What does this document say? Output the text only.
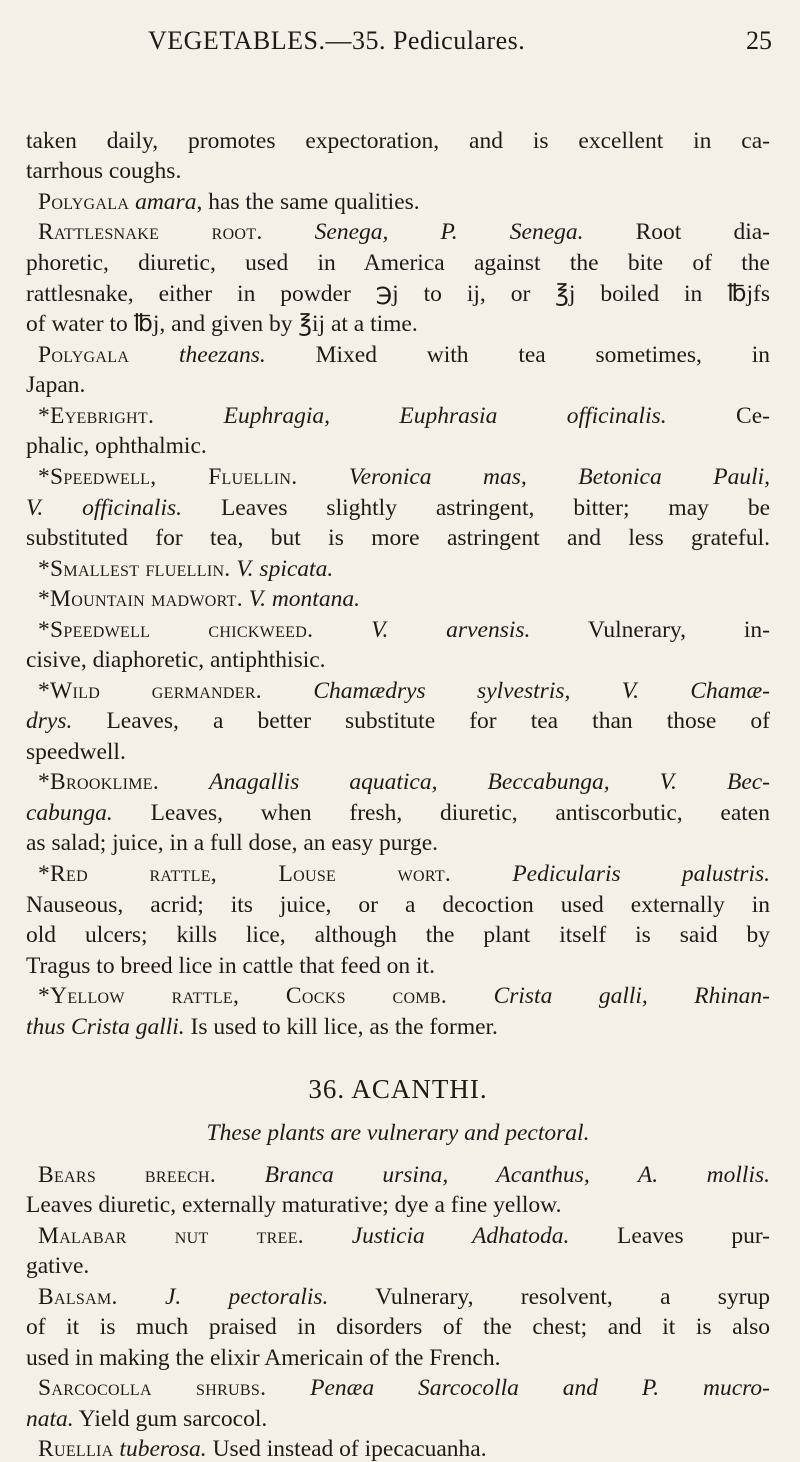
VEGETABLES.—35. Pediculares.	25
taken daily, promotes expectoration, and is excellent in ca-
tarrhous coughs.
Polygala amara, has the same qualities.
Rattlesnake root. Senega, P. Senega. Root dia-
phoretic, diuretic, used in America against the bite of the
rattlesnake, either in powder ℈j to ij, or ℥j boiled in ℔jfs
of water to ℔j, and given by ℥ij at a time.
Polygala theezans. Mixed with tea sometimes, in
Japan.
*Eyebright.	Euphragia, Euphrasia officinalis. Ce-
phalic, ophthalmic.
*Speedwell, Fluellin. Veronica mas, Betonica Pauli,
V. officinalis. Leaves slightly astringent, bitter; may be
substituted for tea, but is more astringent and less grateful.
*Smallest fluellin. V. spicata.
*Mountain madwort. V. montana.
*Speedwell chickweed. V. arvensis. Vulnerary, in-
cisive, diaphoretic, antiphthisic.
*Wild germander. Chamædrys sylvestris, V. Chamæ-
drys. Leaves, a better substitute for tea than those of
speedwell.
*Brooklime. Anagallis aquatica, Beccabunga, V. Bec-
cabunga. Leaves, when fresh, diuretic, antiscorbutic, eaten
as salad; juice, in a full dose, an easy purge.
*Red rattle, Louse wort.	Pedicularis palustris.
Nauseous, acrid; its juice, or a decoction used externally in
old ulcers; kills lice, although the plant itself is said by
Tragus to breed lice in cattle that feed on it.
*Yellow rattle, Cocks comb. Crista galli, Rhinan-
thus Crista galli. Is used to kill lice, as the former.
36. ACANTHI.
These plants are vulnerary and pectoral.
Bears breech. Branca ursina, Acanthus, A. mollis.
Leaves diuretic, externally maturative; dye a fine yellow.
Malabar nut tree. Justicia Adhatoda. Leaves pur-
gative.
Balsam. J. pectoralis. Vulnerary, resolvent, a syrup
of it is much praised in disorders of the chest; and it is also
used in making the elixir Americain of the French.
Sarcocolla shrubs. Penæa Sarcocolla and P. mucro-
nata. Yield gum sarcocol.
Ruellia tuberosa. Used instead of ipecacuanha.
